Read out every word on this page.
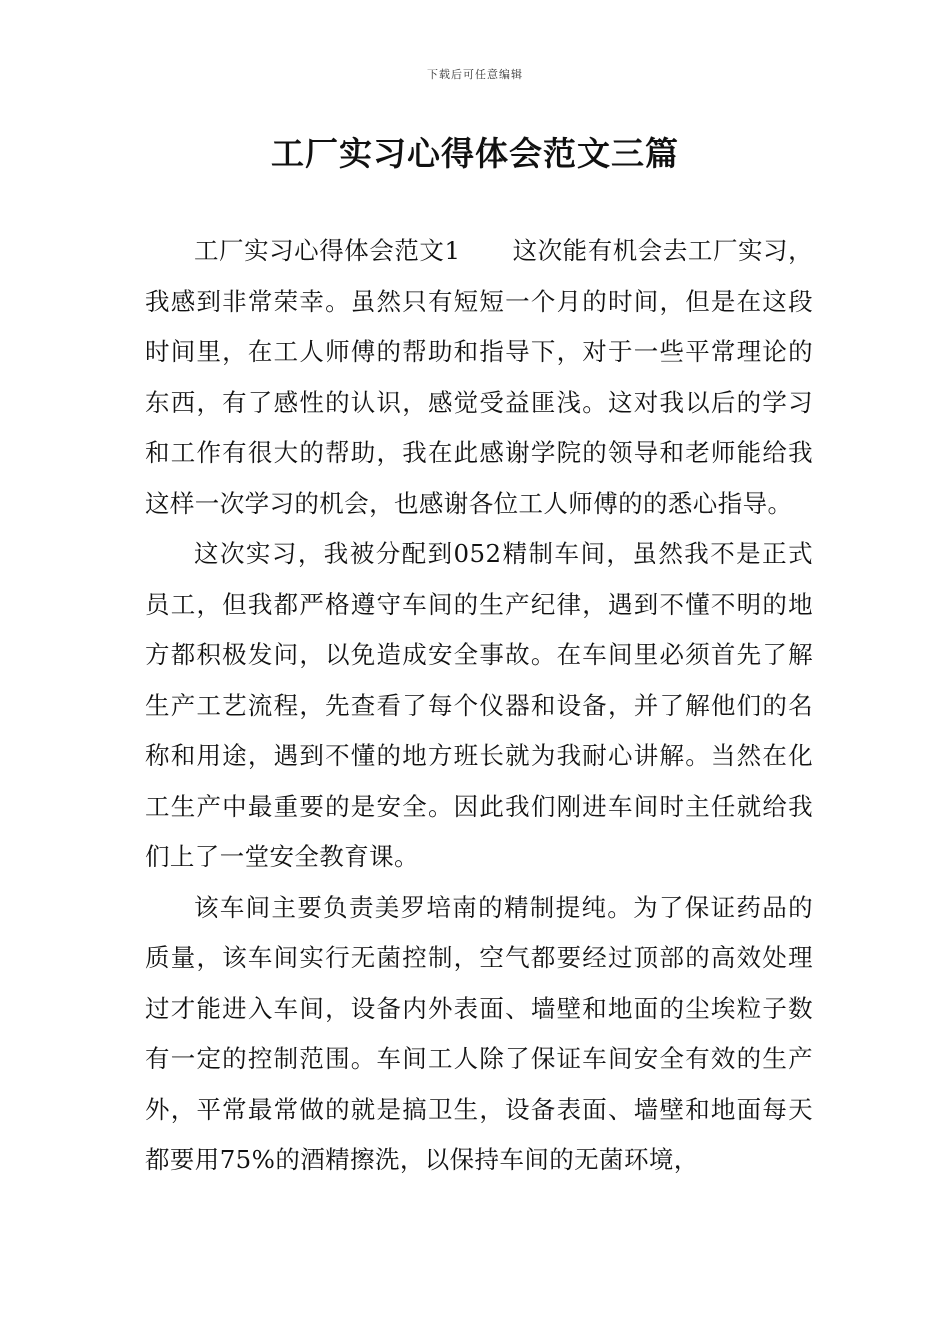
下载后可任意编辑
工厂实习心得体会范文三篇

工厂实习心得体会范文1 这次能有机会去工厂实习，我感到非常荣幸。虽然只有短短一个月的时间，但是在这段时间里，在工人师傅的帮助和指导下，对于一些平常理论的东西，有了感性的认识，感觉受益匪浅。这对我以后的学习和工作有很大的帮助，我在此感谢学院的领导和老师能给我这样一次学习的机会，也感谢各位工人师傅的的悉心指导。

这次实习，我被分配到052精制车间，虽然我不是正式员工，但我都严格遵守车间的生产纪律，遇到不懂不明的地方都积极发问，以免造成安全事故。在车间里必须首先了解生产工艺流程，先查看了每个仪器和设备，并了解他们的名称和用途，遇到不懂的地方班长就为我耐心讲解。当然在化工生产中最重要的是安全。因此我们刚进车间时主任就给我们上了一堂安全教育课。

该车间主要负责美罗培南的精制提纯。为了保证药品的质量，该车间实行无菌控制，空气都要经过顶部的高效处理过才能进入车间，设备内外表面、墙壁和地面的尘埃粒子数有一定的控制范围。车间工人除了保证车间安全有效的生产外，平常最常做的就是搞卫生，设备表面、墙壁和地面每天都要用75%的酒精擦洗，以保持车间的无菌环境，
